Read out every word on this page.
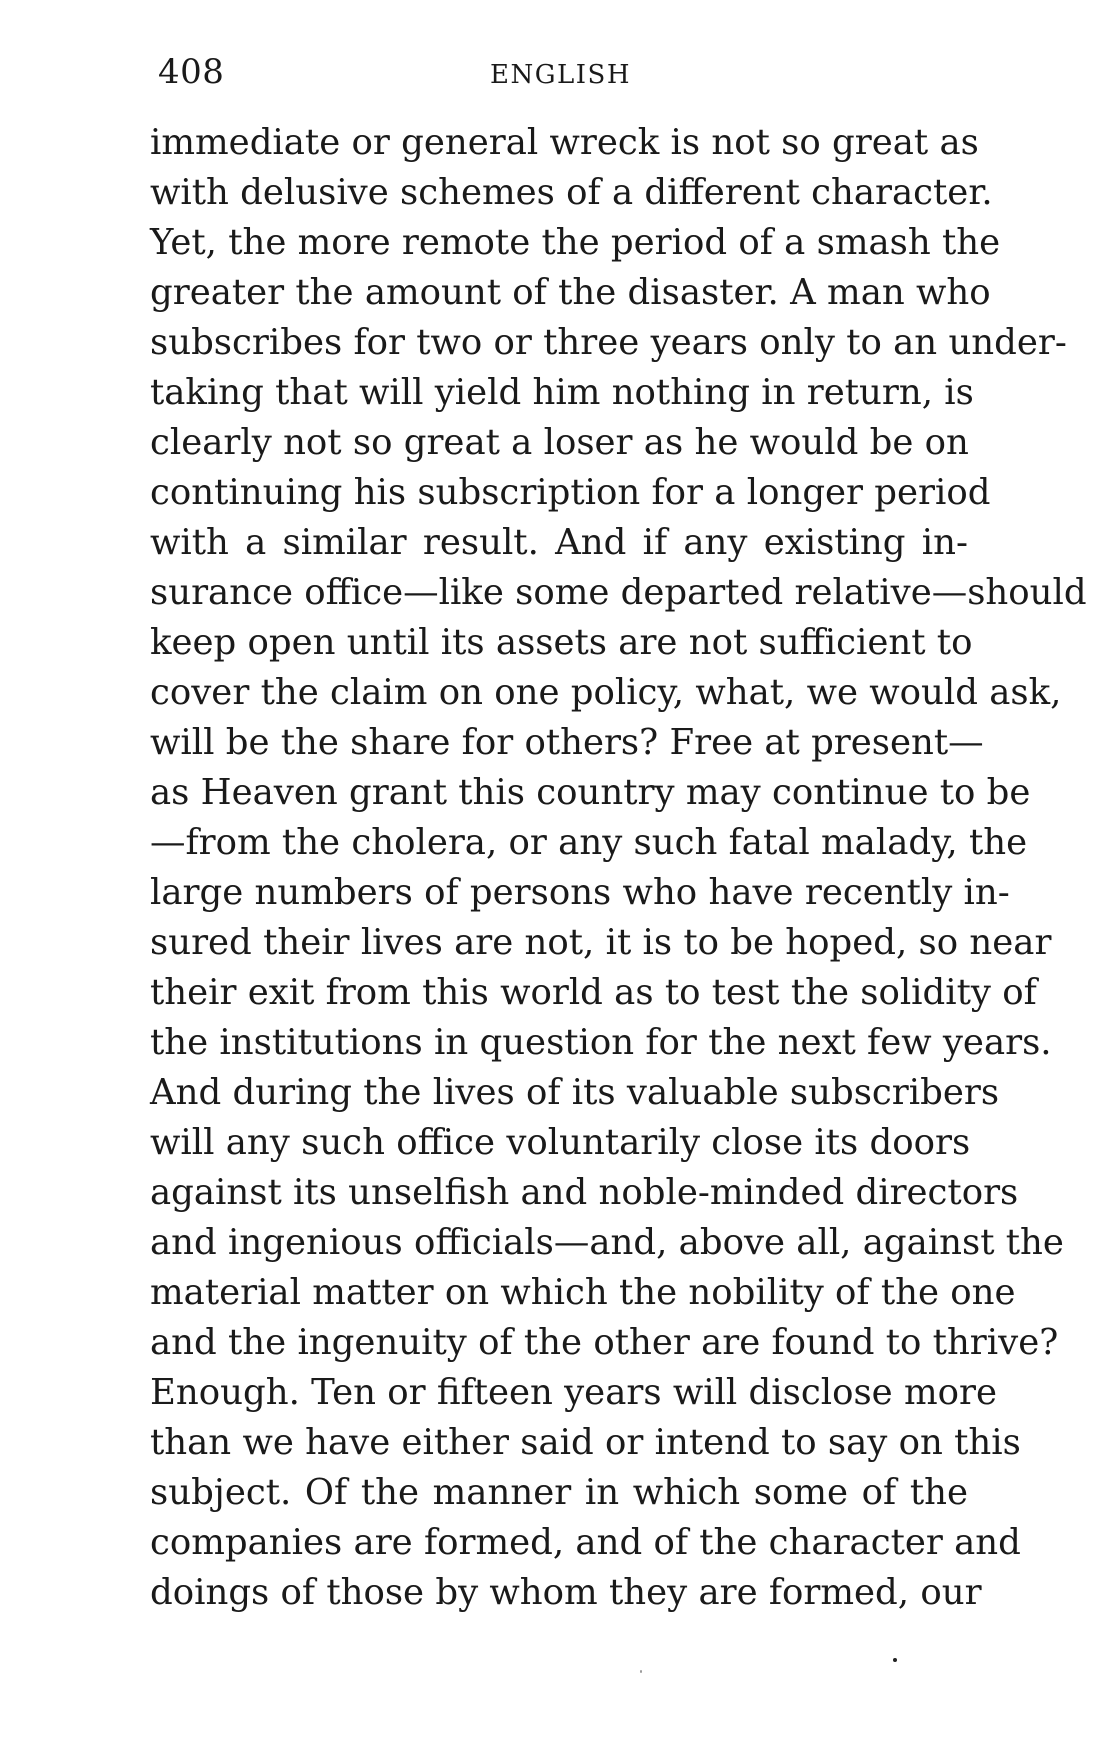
408	ENGLISH
immediate or general wreck is not so great as
with delusive schemes of a different character.
Yet, the more remote the period of a smash the
greater the amount of the disaster. A man who
subscribes for two or three years only to an under-
taking that will yield him nothing in return, is
clearly not so great a loser as he would be on
continuing his subscription for a longer period
with a similar result. And if any existing in-
surance office—like some departed relative—should
keep open until its assets are not sufficient to
cover the claim on one policy, what, we would ask,
will be the share for others? Free at present—
as Heaven grant this country may continue to be
—from the cholera, or any such fatal malady, the
large numbers of persons who have recently in-
sured their lives are not, it is to be hoped, so near
their exit from this world as to test the solidity of
the institutions in question for the next few years.
And during the lives of its valuable subscribers
will any such office voluntarily close its doors
against its unselfish and noble-minded directors
and ingenious officials—and, above all, against the
material matter on which the nobility of the one
and the ingenuity of the other are found to thrive?
Enough. Ten or fifteen years will disclose more
than we have either said or intend to say on this
subject. Of the manner in which some of the
companies are formed, and of the character and
doings of those by whom they are formed, our
